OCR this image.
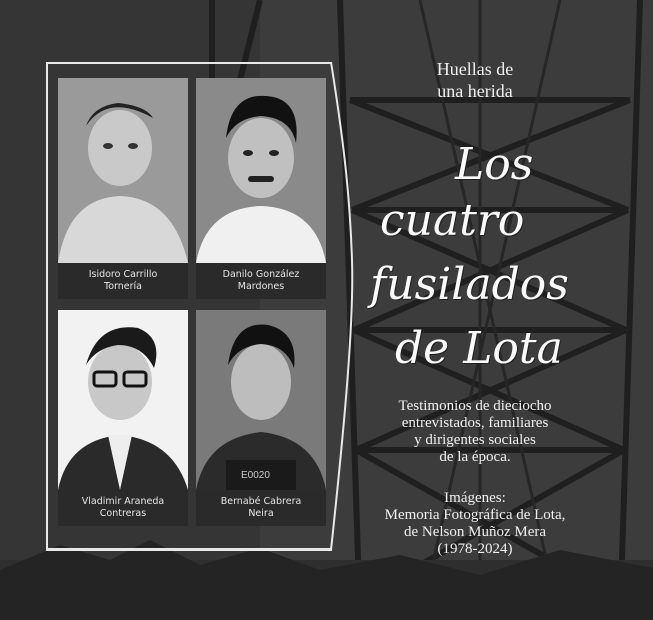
Isidoro Carrillo
Tornería
Danilo González
Mardones
Vladimir Araneda
Contreras
E0020
Bernabé Cabrera
Neira
Huellas de
una herida
Los
cuatro
fusilados
de Lota
Testimonios de dieciocho
entrevistados, familiares
y dirigentes sociales
de la época.
Imágenes:
Memoria Fotográfica de Lota,
de Nelson Muñoz Mera
(1978-2024)
